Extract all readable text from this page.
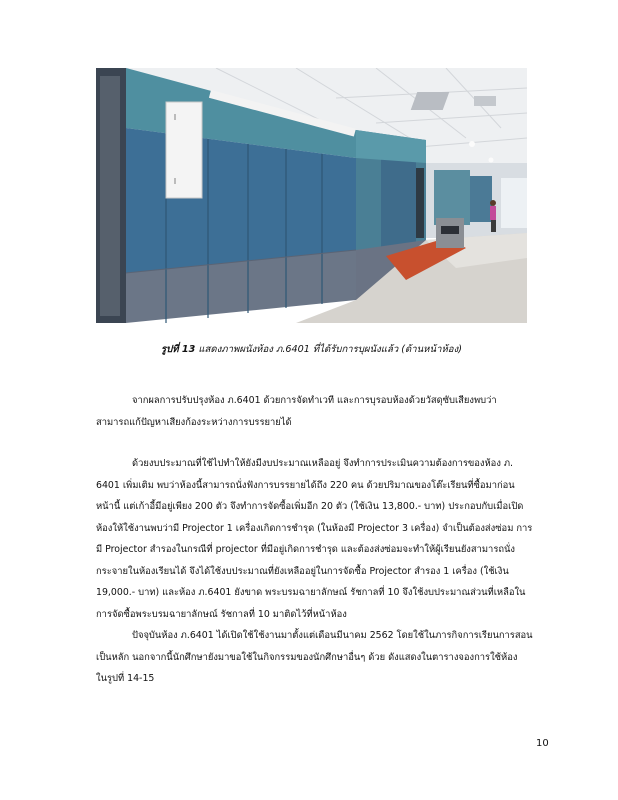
รูปที่ 13 แสดงภาพผนังห้อง ภ.6401 ที่ได้รับการบุผนังแล้ว (ด้านหน้าห้อง)
จากผลการปรับปรุงห้อง ภ.6401 ด้วยการจัดทำเวที และการบุรอบห้องด้วยวัสดุซับเสียงพบว่า
สามารถแก้ปัญหาเสียงก้องระหว่างการบรรยายได้
ด้วยงบประมาณที่ใช้ไปทำให้ยังมีงบประมาณเหลืออยู่ จึงทำการประเมินความต้องการของห้อง ภ.
6401 เพิ่มเติม พบว่าห้องนี้สามารถนั่งฟังการบรรยายได้ถึง 220 คน ด้วยปริมาณของโต๊ะเรียนที่ซื้อมาก่อน
หน้านี้ แต่เก้าอี้มีอยู่เพียง 200 ตัว จึงทำการจัดซื้อเพิ่มอีก 20 ตัว (ใช้เงิน 13,800.- บาท) ประกอบกับเมื่อเปิด
ห้องให้ใช้งานพบว่ามี Projector 1 เครื่องเกิดการชำรุด (ในห้องมี Projector 3 เครื่อง) จำเป็นต้องส่งซ่อม การ
มี Projector สำรองในกรณีที่ projector ที่มีอยู่เกิดการชำรุด และต้องส่งซ่อมจะทำให้ผู้เรียนยังสามารถนั่ง
กระจายในห้องเรียนได้ จึงได้ใช้งบประมาณที่ยังเหลืออยู่ในการจัดซื้อ Projector สำรอง 1 เครื่อง (ใช้เงิน
19,000.- บาท) และห้อง ภ.6401 ยังขาด พระบรมฉายาลักษณ์ รัชกาลที่ 10 จึงใช้งบประมาณส่วนที่เหลือใน
การจัดซื้อพระบรมฉายาลักษณ์ รัชกาลที่ 10 มาติดไว้ที่หน้าห้อง
ปัจจุบันห้อง ภ.6401 ได้เปิดใช้ใช้งานมาตั้งแต่เดือนมีนาคม 2562 โดยใช้ในภารกิจการเรียนการสอน
เป็นหลัก นอกจากนี้นักศึกษายังมาขอใช้ในกิจกรรมของนักศึกษาอื่นๆ ด้วย ดังแสดงในตารางจองการใช้ห้อง
ในรูปที่ 14-15
10
